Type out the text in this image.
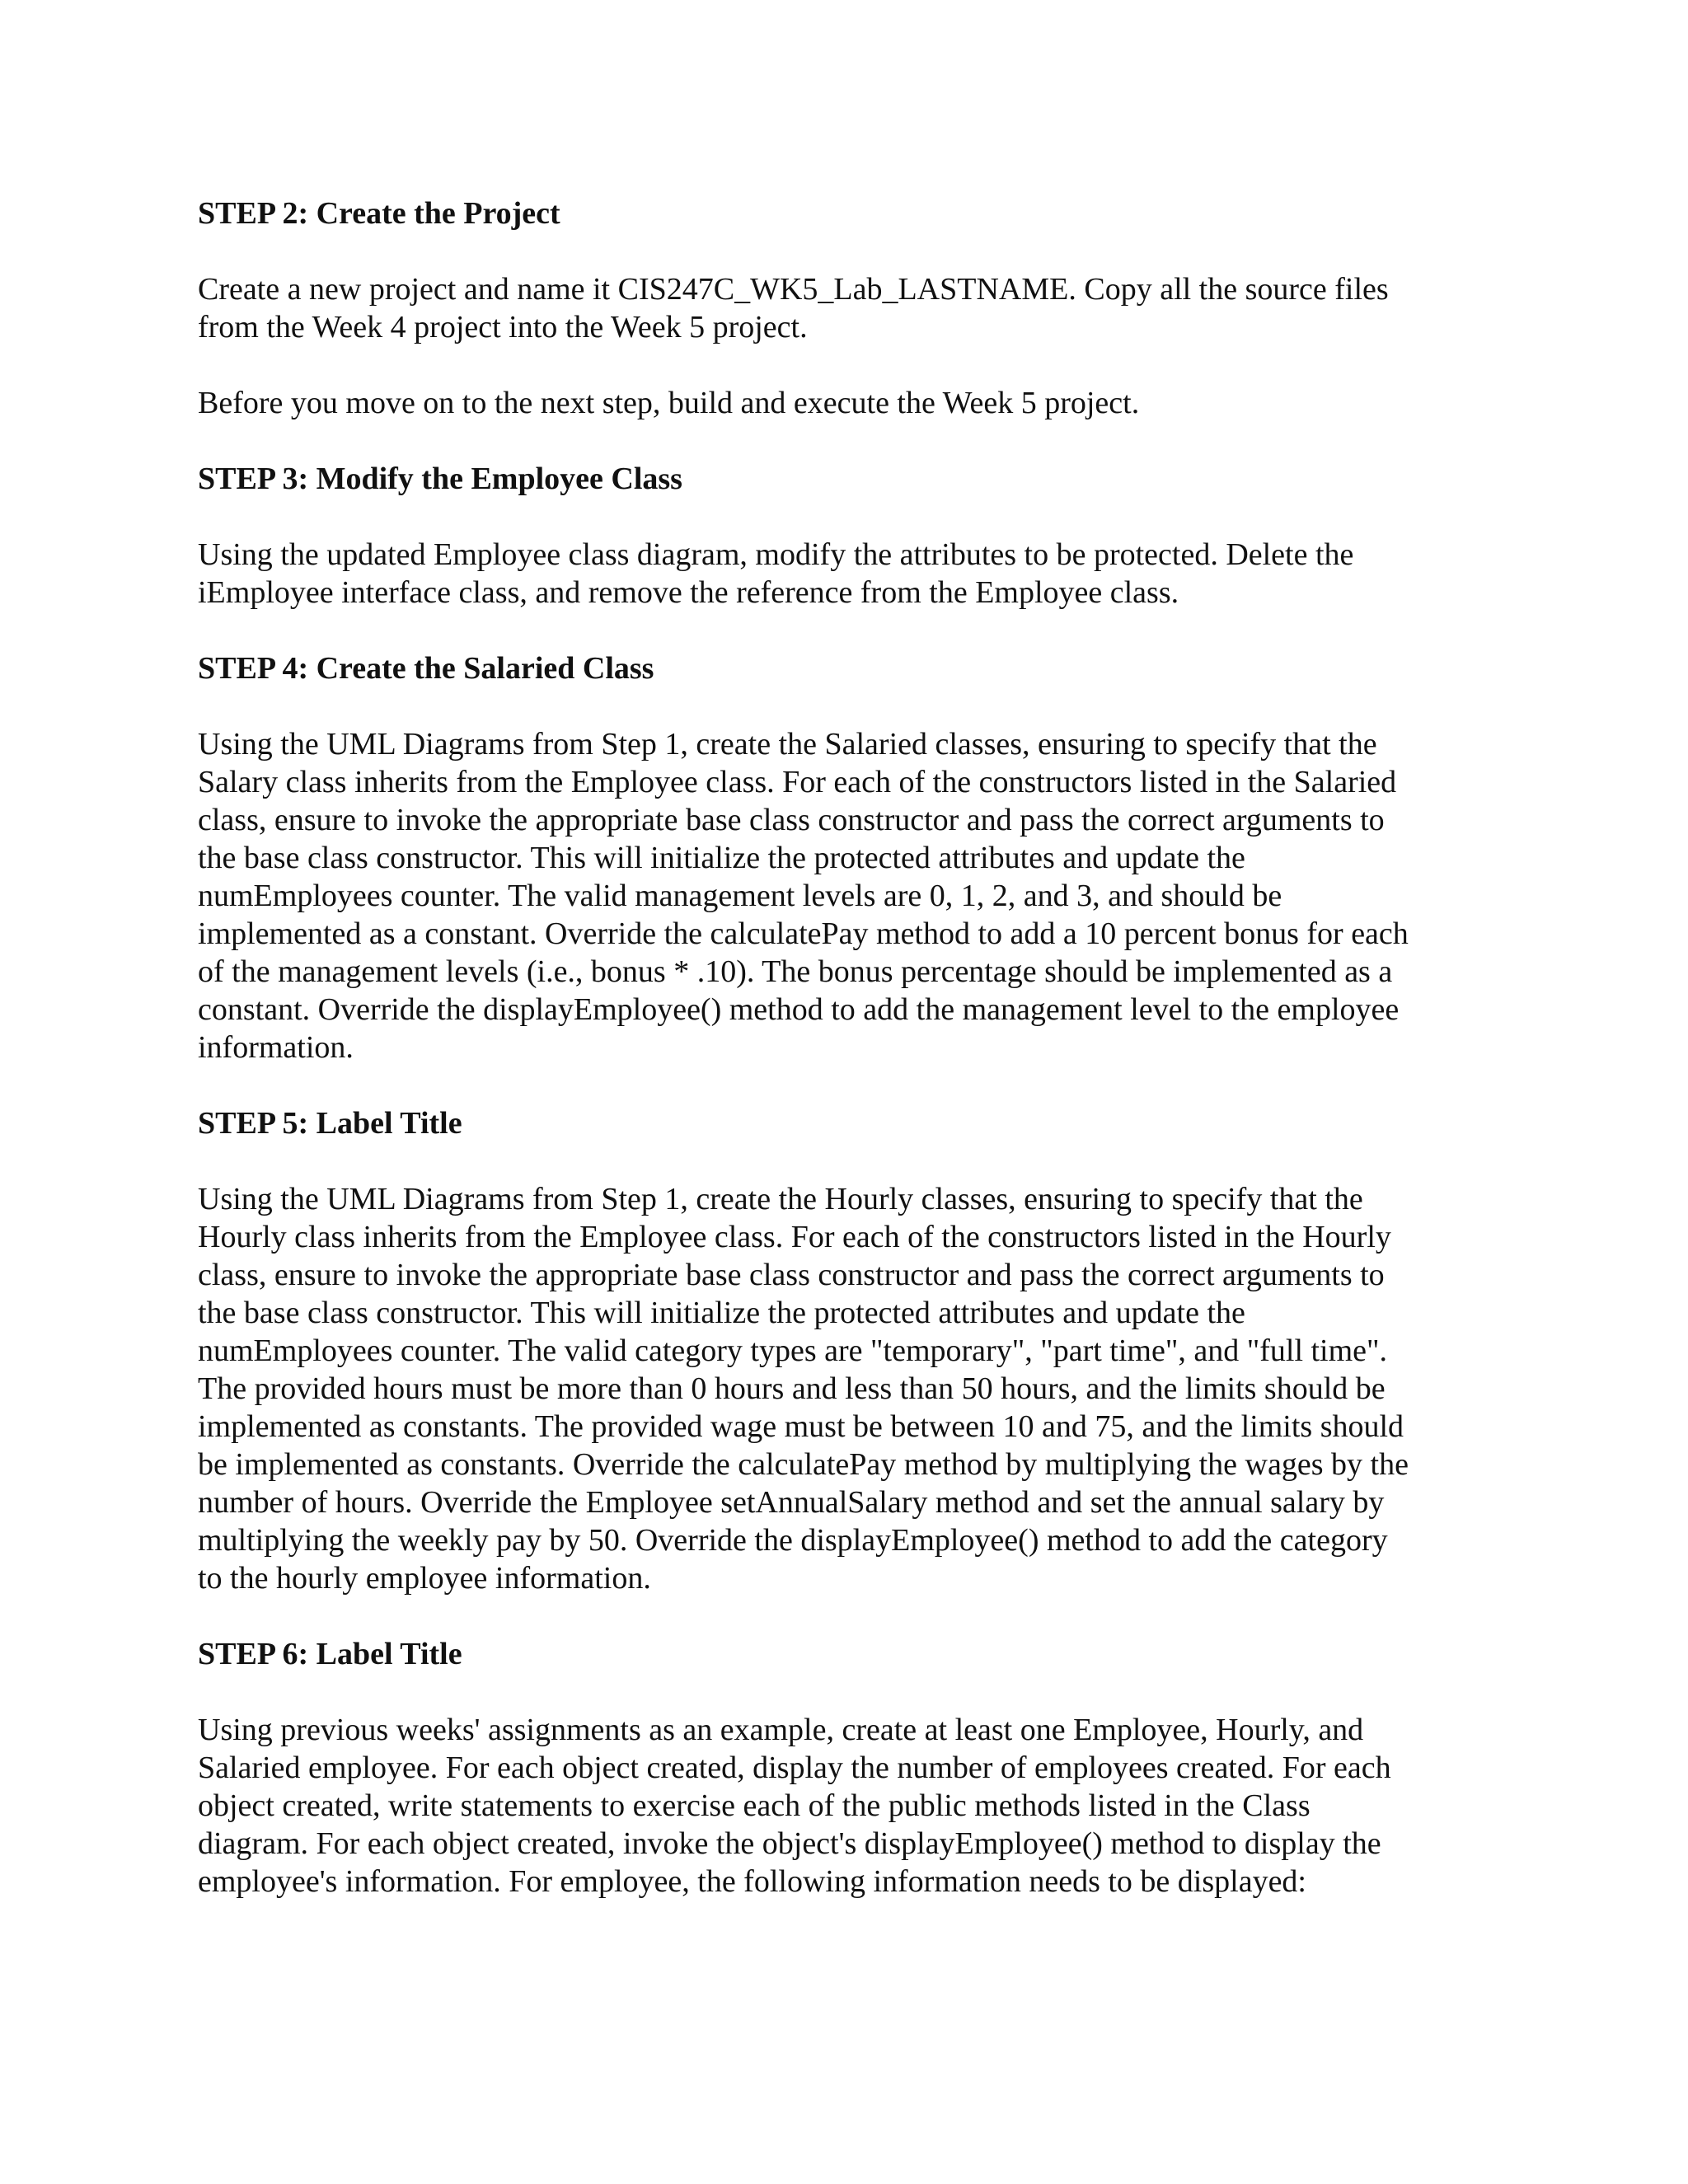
STEP 2: Create the Project
Create a new project and name it CIS247C_WK5_Lab_LASTNAME. Copy all the source files
from the Week 4 project into the Week 5 project.
Before you move on to the next step, build and execute the Week 5 project.
STEP 3: Modify the Employee Class
Using the updated Employee class diagram, modify the attributes to be protected. Delete the
iEmployee interface class, and remove the reference from the Employee class.
STEP 4: Create the Salaried Class
Using the UML Diagrams from Step 1, create the Salaried classes, ensuring to specify that the
Salary class inherits from the Employee class. For each of the constructors listed in the Salaried
class, ensure to invoke the appropriate base class constructor and pass the correct arguments to
the base class constructor. This will initialize the protected attributes and update the
numEmployees counter. The valid management levels are 0, 1, 2, and 3, and should be
implemented as a constant. Override the calculatePay method to add a 10 percent bonus for each
of the management levels (i.e., bonus * .10). The bonus percentage should be implemented as a
constant. Override the displayEmployee() method to add the management level to the employee
information.
STEP 5: Label Title
Using the UML Diagrams from Step 1, create the Hourly classes, ensuring to specify that the
Hourly class inherits from the Employee class. For each of the constructors listed in the Hourly
class, ensure to invoke the appropriate base class constructor and pass the correct arguments to
the base class constructor. This will initialize the protected attributes and update the
numEmployees counter. The valid category types are "temporary", "part time", and "full time".
The provided hours must be more than 0 hours and less than 50 hours, and the limits should be
implemented as constants. The provided wage must be between 10 and 75, and the limits should
be implemented as constants. Override the calculatePay method by multiplying the wages by the
number of hours. Override the Employee setAnnualSalary method and set the annual salary by
multiplying the weekly pay by 50. Override the displayEmployee() method to add the category
to the hourly employee information.
STEP 6: Label Title
Using previous weeks' assignments as an example, create at least one Employee, Hourly, and
Salaried employee. For each object created, display the number of employees created. For each
object created, write statements to exercise each of the public methods listed in the Class
diagram. For each object created, invoke the object's displayEmployee() method to display the
employee's information. For employee, the following information needs to be displayed:
